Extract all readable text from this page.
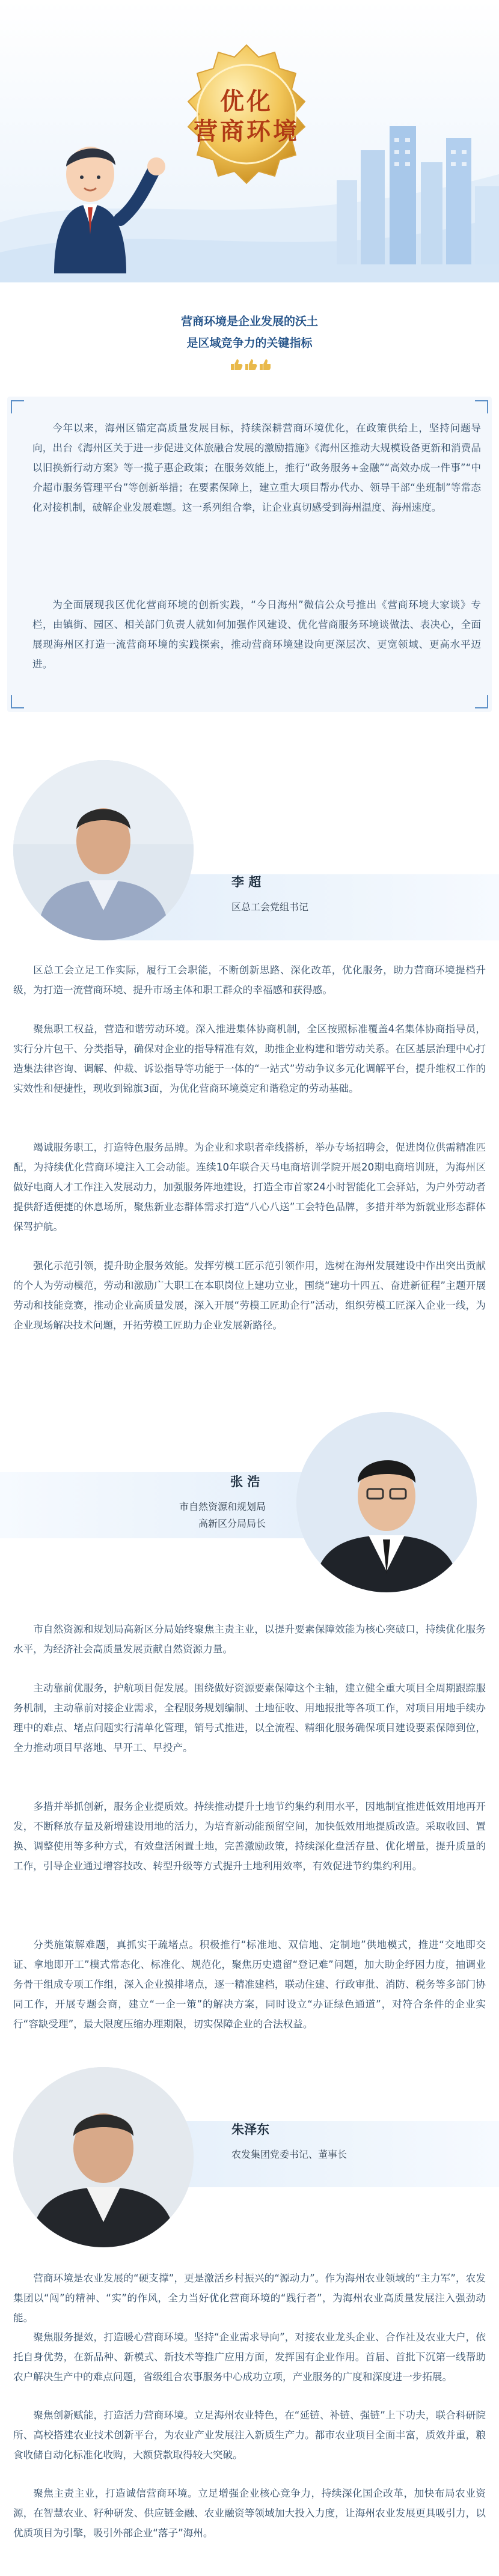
优化
营商环境
营商环境是企业发展的沃土
是区域竞争力的关键指标

今年以来，海州区锚定高质量发展目标，持续深耕营商环境优化，在政策供给上，坚持问题导向，出台《海州区关于进一步促进文体旅融合发展的激励措施》《海州区推动大规模设备更新和消费品以旧换新行动方案》等一揽子惠企政策；在服务效能上，推行“政务服务+金融”“高效办成一件事”“中介超市服务管理平台”等创新举措；在要素保障上，建立重大项目帮办代办、领导干部“坐班制”等常态化对接机制，破解企业发展难题。这一系列组合拳，让企业真切感受到海州温度、海州速度。

为全面展现我区优化营商环境的创新实践，“今日海州”微信公众号推出《营商环境大家谈》专栏，由镇街、园区、相关部门负责人就如何加强作风建设、优化营商服务环境谈做法、表决心，全面展现海州区打造一流营商环境的实践探索，推动营商环境建设向更深层次、更宽领域、更高水平迈进。

李 超
区总工会党组书记

区总工会立足工作实际，履行工会职能，不断创新思路、深化改革，优化服务，助力营商环境提档升级，为打造一流营商环境、提升市场主体和职工群众的幸福感和获得感。

聚焦职工权益，营造和谐劳动环境。深入推进集体协商机制，全区按照标准覆盖4名集体协商指导员，实行分片包干、分类指导，确保对企业的指导精准有效，助推企业构建和谐劳动关系。在区基层治理中心打造集法律咨询、调解、仲裁、诉讼指导等功能于一体的“一站式”劳动争议多元化调解平台，提升维权工作的实效性和便捷性，现收到锦旗3面，为优化营商环境奠定和谐稳定的劳动基础。

竭诚服务职工，打造特色服务品牌。为企业和求职者牵线搭桥，举办专场招聘会，促进岗位供需精准匹配，为持续优化营商环境注入工会动能。连续10年联合天马电商培训学院开展20期电商培训班，为海州区做好电商人才工作注入发展动力，加强服务阵地建设，打造全市首家24小时智能化工会驿站，为户外劳动者提供舒适便捷的休息场所，聚焦新业态群体需求打造“八心八送”工会特色品牌，多措并举为新就业形态群体保驾护航。

强化示范引领，提升助企服务效能。发挥劳模工匠示范引领作用，选树在海州发展建设中作出突出贡献的个人为劳动模范，劳动和激励广大职工在本职岗位上建功立业，围绕“建功十四五、奋进新征程”主题开展劳动和技能竞赛，推动企业高质量发展，深入开展“劳模工匠助企行”活动，组织劳模工匠深入企业一线，为企业现场解决技术问题，开拓劳模工匠助力企业发展新路径。

张 浩
市自然资源和规划局
高新区分局局长

市自然资源和规划局高新区分局始终聚焦主责主业，以提升要素保障效能为核心突破口，持续优化服务水平，为经济社会高质量发展贡献自然资源力量。

主动靠前优服务，护航项目促发展。围绕做好资源要素保障这个主轴，建立健全重大项目全周期跟踪服务机制，主动靠前对接企业需求，全程服务规划编制、土地征收、用地报批等各项工作，对项目用地手续办理中的难点、堵点问题实行清单化管理，销号式推进，以全流程、精细化服务确保项目建设要素保障到位，全力推动项目早落地、早开工、早投产。

多措并举抓创新，服务企业提质效。持续推动提升土地节约集约利用水平，因地制宜推进低效用地再开发，不断释放存量及新增建设用地的活力，为培育新动能预留空间，加快低效用地提质改造。采取收回、置换、调整使用等多种方式，有效盘活闲置土地，完善激励政策，持续深化盘活存量、优化增量，提升质量的工作，引导企业通过增容技改、转型升级等方式提升土地利用效率，有效促进节约集约利用。

分类施策解难题，真抓实干疏堵点。积极推行“标准地、双信地、定制地”供地模式，推进“交地即交证、拿地即开工”模式常态化、标准化、规范化，聚焦历史遗留“登记难”问题，加大助企纾困力度，抽调业务骨干组成专项工作组，深入企业摸排堵点，逐一精准建档，联动住建、行政审批、消防、税务等多部门协同工作，开展专题会商，建立“一企一策”的解决方案，同时设立“办证绿色通道”，对符合条件的企业实行“容缺受理”，最大限度压缩办理期限，切实保障企业的合法权益。

朱泽东
农发集团党委书记、董事长

营商环境是农业发展的“硬支撑”，更是激活乡村振兴的“源动力”。作为海州农业领域的“主力军”，农发集团以“闯”的精神、“实”的作风，全力当好优化营商环境的“践行者”，为海州农业高质量发展注入强劲动能。

聚焦服务提效，打造暖心营商环境。坚持“企业需求导向”，对接农业龙头企业、合作社及农业大户，依托自身优势，在新品种、新模式、新技术等推广应用方面，发挥国有企业作用。首届、首批下沉第一线帮助农户解决生产中的难点问题，省级组合农事服务中心成功立项，产业服务的广度和深度进一步拓展。

聚焦创新赋能，打造活力营商环境。立足海州农业特色，在“延链、补链、强链”上下功夫，联合科研院所、高校搭建农业技术创新平台，为农业产业发展注入新质生产力。都市农业项目全面丰富，质效并重，粮食收储自动化标准化收购，大额贷款取得较大突破。

聚焦主责主业，打造诚信营商环境。立足增强企业核心竞争力，持续深化国企改革，加快布局农业资源，在智慧农业、籽种研发、供应链金融、农业融资等领域加大投入力度，让海州农业发展更具吸引力，以优质项目为引擎，吸引外部企业“落子”海州。
